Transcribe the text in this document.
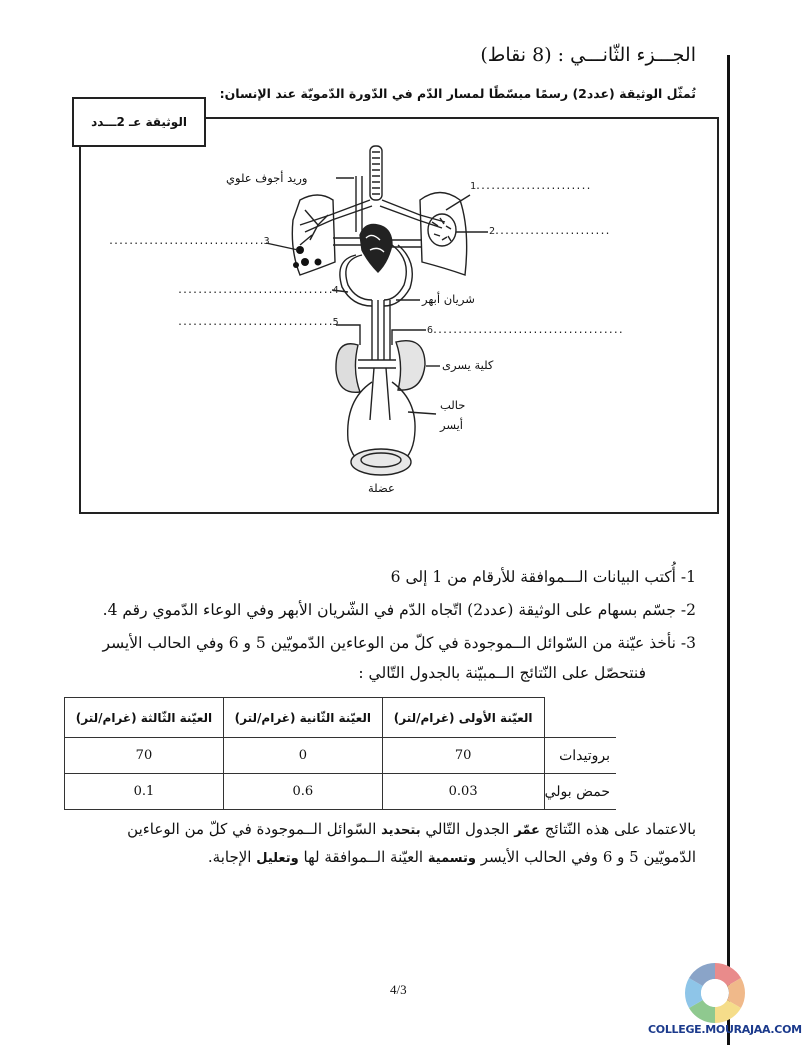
الجـــزء الثّانـــي : (8 نقاط)
تُمثّل الوثيقة (عدد2) رسمًا مبسّطًا لمسار الدّم في الدّورة الدّمويّة عند الإنسان:
الوثيقة عـ 2ـــدد
وريد أجوف علوي
شريان أبهر
كلية يسرى
حالب
أيسر
عضلة
1.......................
2.......................
...............................3
...............................4
...............................5
6......................................
1- أُكتب البيانات الـــموافقة للأرقام من 1 إلى 6
2- جسّم بسهام على الوثيقة (عدد2) اتّجاه الدّم في الشّريان الأبهر وفي الوعاء الدّموي رقم 4.
3- نأخذ عيّنة من السّوائل الــموجودة في كلّ من الوعاءين الدّمويّين 5 و 6 وفي الحالب الأيسر
فنتحصّل على النّتائج الــمبيّنة بالجدول التّالي :
	العيّنة الأولى (غرام/لتر)	العيّنة الثّانية (غرام/لتر)	العيّنة الثّالثة (غرام/لتر)
بروتيدات	70	0	70
حمض بولي	0.03	0.6	0.1
بالاعتماد على هذه النّتائج عمّر الجدول التّالي بتحديد السّوائل الــموجودة في كلّ من الوعاءين
الدّمويّين 5 و 6 وفي الحالب الأيسر وتسمية العيّنة الــموافقة لها وتعليل الإجابة.
4/3
COLLEGE.MOURAJAA.COM
